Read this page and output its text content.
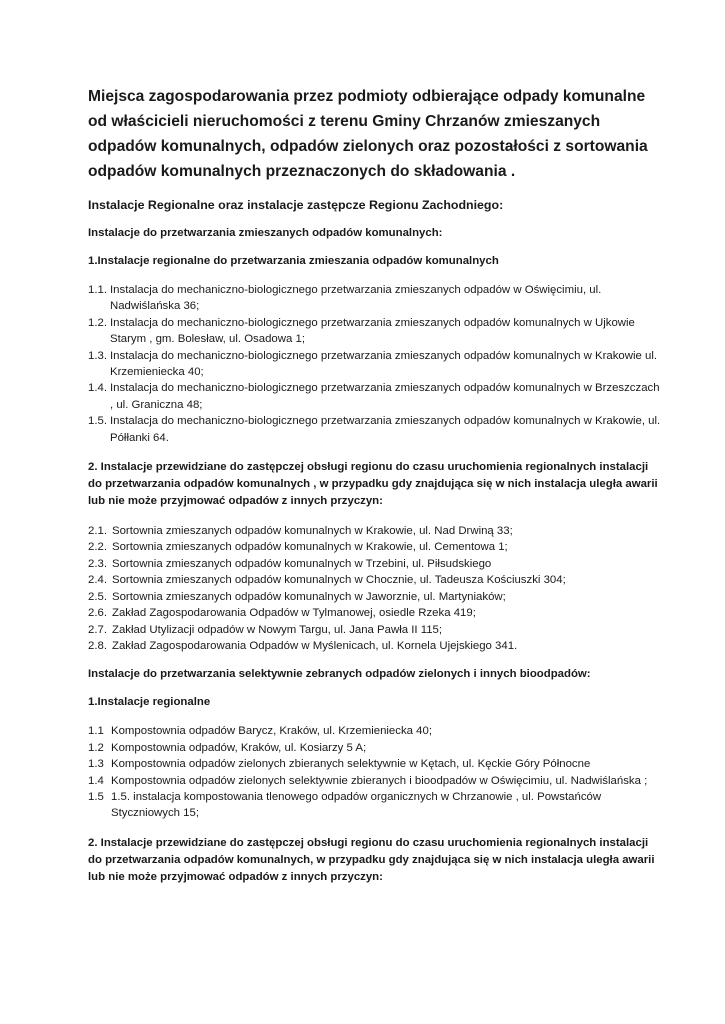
Miejsca zagospodarowania przez podmioty odbierające odpady komunalne od właścicieli nieruchomości z terenu Gminy Chrzanów zmieszanych odpadów komunalnych, odpadów zielonych oraz pozostałości z sortowania odpadów komunalnych przeznaczonych do składowania .
Instalacje Regionalne oraz instalacje zastępcze Regionu Zachodniego:
Instalacje do przetwarzania zmieszanych odpadów komunalnych:
1.Instalacje regionalne do przetwarzania zmieszania odpadów komunalnych
1.1. Instalacja do mechaniczno-biologicznego przetwarzania zmieszanych odpadów w Oświęcimiu, ul. Nadwiślańska 36;
1.2. Instalacja do mechaniczno-biologicznego przetwarzania zmieszanych odpadów komunalnych w Ujkowie Starym , gm. Bolesław, ul. Osadowa 1;
1.3. Instalacja do mechaniczno-biologicznego przetwarzania zmieszanych odpadów komunalnych w Krakowie ul. Krzemieniecka 40;
1.4. Instalacja do mechaniczno-biologicznego przetwarzania zmieszanych odpadów komunalnych w Brzeszczach , ul. Graniczna 48;
1.5. Instalacja do mechaniczno-biologicznego przetwarzania zmieszanych odpadów komunalnych w Krakowie, ul. Półłanki 64.
2. Instalacje przewidziane do zastępczej obsługi regionu do czasu uruchomienia regionalnych instalacji do przetwarzania odpadów komunalnych , w przypadku gdy znajdująca się w nich instalacja uległa awarii lub nie może przyjmować odpadów z innych przyczyn:
2.1. Sortownia zmieszanych odpadów komunalnych w Krakowie, ul. Nad Drwiną 33;
2.2. Sortownia zmieszanych odpadów komunalnych w Krakowie, ul. Cementowa 1;
2.3. Sortownia zmieszanych odpadów komunalnych w Trzebini, ul. Piłsudskiego
2.4. Sortownia zmieszanych odpadów komunalnych w Chocznie, ul. Tadeusza Kościuszki 304;
2.5. Sortownia zmieszanych odpadów komunalnych w Jaworznie, ul. Martyniaków;
2.6. Zakład Zagospodarowania Odpadów w Tylmanowej, osiedle Rzeka 419;
2.7. Zakład Utylizacji odpadów w Nowym Targu, ul. Jana Pawła II 115;
2.8. Zakład Zagospodarowania Odpadów w Myślenicach, ul. Kornela Ujejskiego 341.
Instalacje do przetwarzania selektywnie zebranych odpadów zielonych i innych bioodpadów:
1.Instalacje regionalne
1.1 Kompostownia odpadów Barycz, Kraków, ul. Krzemieniecka 40;
1.2 Kompostownia odpadów, Kraków, ul. Kosiarzy 5 A;
1.3 Kompostownia odpadów zielonych zbieranych selektywnie w Kętach, ul. Kęckie Góry Północne
1.4 Kompostownia odpadów zielonych selektywnie zbieranych i bioodpadów w Oświęcimiu, ul. Nadwiślańska ;
1.5 1.5. instalacja kompostowania tlenowego odpadów organicznych w Chrzanowie , ul. Powstańców Styczniowych 15;
2. Instalacje przewidziane do zastępczej obsługi regionu do czasu uruchomienia regionalnych instalacji do przetwarzania odpadów komunalnych, w przypadku gdy znajdująca się w nich instalacja uległa awarii lub nie może przyjmować odpadów z innych przyczyn:
